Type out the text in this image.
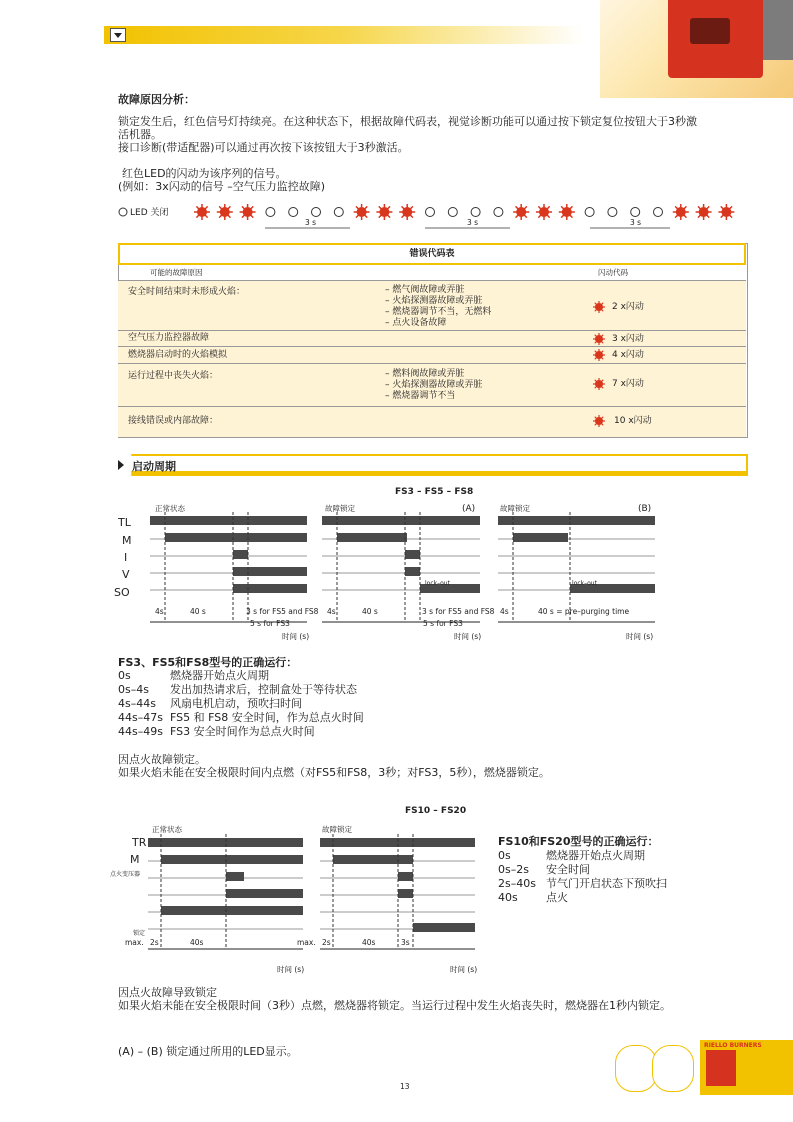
故障原因分析：
锁定发生后，红色信号灯持续亮。在这种状态下，根据故障代码表，视觉诊断功能可以通过按下锁定复位按钮大于3秒激
活机器。
接口诊断(带适配器)可以通过再次按下该按钮大于3秒激活。
红色LED的闪动为该序列的信号。
(例如：3x闪动的信号 –空气压力监控故障)
LED 关闭
3 s	3 s	3 s
错误代码表
可能的故障原因	闪动代码
安全时间结束时未形成火焰：	– 燃气阀故障或弄脏
– 火焰探测器故障或弄脏
– 燃烧器调节不当，无燃料
– 点火设备故障
2 x闪动
空气压力监控器故障	3 x闪动
燃烧器启动时的火焰模拟	4 x闪动
运行过程中丧失火焰：	– 燃料阀故障或弄脏
– 火焰探测器故障或弄脏
– 燃烧器调节不当
7 x闪动
接线错误或内部故障：	10 x闪动
启动周期
FS3 – FS5 – FS8
正常状态	故障锁定	故障锁定
(A)	(B)
TL
M
I
V
SO
4s	40 s	3 s for FS5 and FS8
5 s for FS3
4s	40 s	3 s for FS5 and FS8
5 s for FS3
4s	40 s = pre–purging time
lock–out	lock–out
时间 (s)	时间 (s)	时间 (s)
FS3、FS5和FS8型号的正确运行：
0s	燃烧器开始点火周期
0s–4s	发出加热请求后，控制盒处于等待状态
4s–44s	风扇电机启动，预吹扫时间
44s–47s FS5 和 FS8 安全时间，作为总点火时间
44s–49s FS3 安全时间作为总点火时间
因点火故障锁定。
如果火焰未能在安全极限时间内点燃（对FS5和FS8，3秒；对FS3，5秒），燃烧器锁定。
FS10 – FS20
正常状态	故障锁定
TR
M
点火变压器
锁定
max. 2s	40s	max. 2s	40s	3s
时间 (s)	时间 (s)
FS10和FS20型号的正确运行：
0s	燃烧器开始点火周期
0s–2s	安全时间
2s–40s 节气门开启状态下预吹扫
40s	点火
因点火故障导致锁定
如果火焰未能在安全极限时间（3秒）点燃，燃烧器将锁定。当运行过程中发生火焰丧失时，燃烧器在1秒内锁定。
(A) – (B) 锁定通过所用的LED显示。
13
RIELLO BURNERS
